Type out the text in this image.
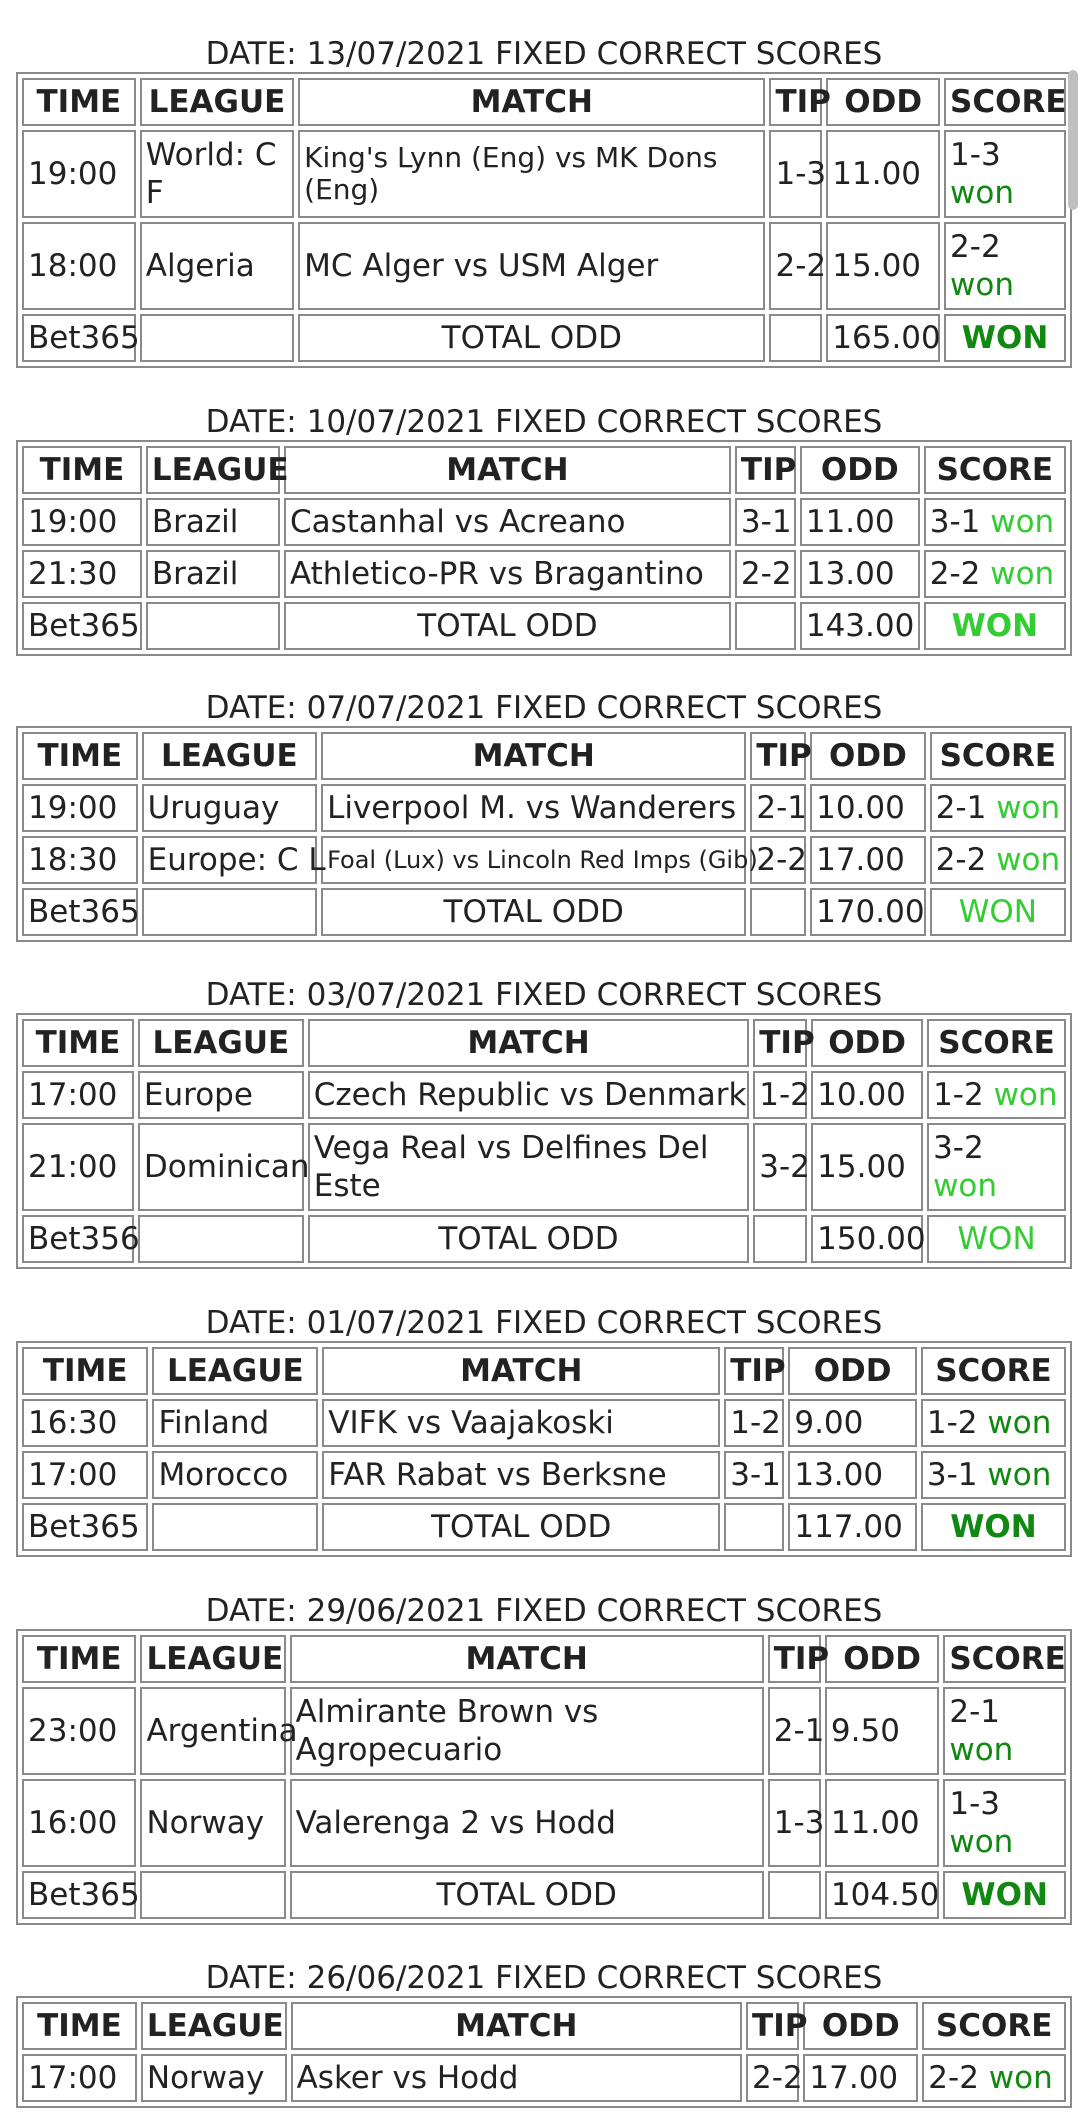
DATE: 13/07/2021 FIXED CORRECT SCORES
TIME	LEAGUE	MATCH	TIP	ODD	SCORE
19:00	World: C F	King's Lynn (Eng) vs MK Dons (Eng)	1-3	11.00	1-3
won
18:00	Algeria	MC Alger vs USM Alger	2-2	15.00	2-2
won
Bet365		TOTAL ODD		165.00	WON
DATE: 10/07/2021 FIXED CORRECT SCORES
TIME	LEAGUE	MATCH	TIP	ODD	SCORE
19:00	Brazil	Castanhal vs Acreano	3-1	11.00	3-1 won
21:30	Brazil	Athletico-PR vs Bragantino	2-2	13.00	2-2 won
Bet365		TOTAL ODD		143.00	WON
DATE: 07/07/2021 FIXED CORRECT SCORES
TIME	LEAGUE	MATCH	TIP	ODD	SCORE
19:00	Uruguay	Liverpool M. vs Wanderers	2-1	10.00	2-1 won
18:30	Europe: C L	Foal (Lux) vs Lincoln Red Imps (Gib)	2-2	17.00	2-2 won
Bet365		TOTAL ODD		170.00	WON
DATE: 03/07/2021 FIXED CORRECT SCORES
TIME	LEAGUE	MATCH	TIP	ODD	SCORE
17:00	Europe	Czech Republic vs Denmark	1-2	10.00	1-2 won
21:00	Dominican	Vega Real vs Delfines Del Este	3-2	15.00	3-2
won
Bet356		TOTAL ODD		150.00	WON
DATE: 01/07/2021 FIXED CORRECT SCORES
TIME	LEAGUE	MATCH	TIP	ODD	SCORE
16:30	Finland	VIFK vs Vaajakoski	1-2	9.00	1-2 won
17:00	Morocco	FAR Rabat vs Berksne	3-1	13.00	3-1 won
Bet365		TOTAL ODD		117.00	WON
DATE: 29/06/2021 FIXED CORRECT SCORES
TIME	LEAGUE	MATCH	TIP	ODD	SCORE
23:00	Argentina	Almirante Brown vs Agropecuario	2-1	9.50	2-1
won
16:00	Norway	Valerenga 2 vs Hodd	1-3	11.00	1-3
won
Bet365		TOTAL ODD		104.50	WON
DATE: 26/06/2021 FIXED CORRECT SCORES
TIME	LEAGUE	MATCH	TIP	ODD	SCORE
17:00	Norway	Asker vs Hodd	2-2	17.00	2-2 won
